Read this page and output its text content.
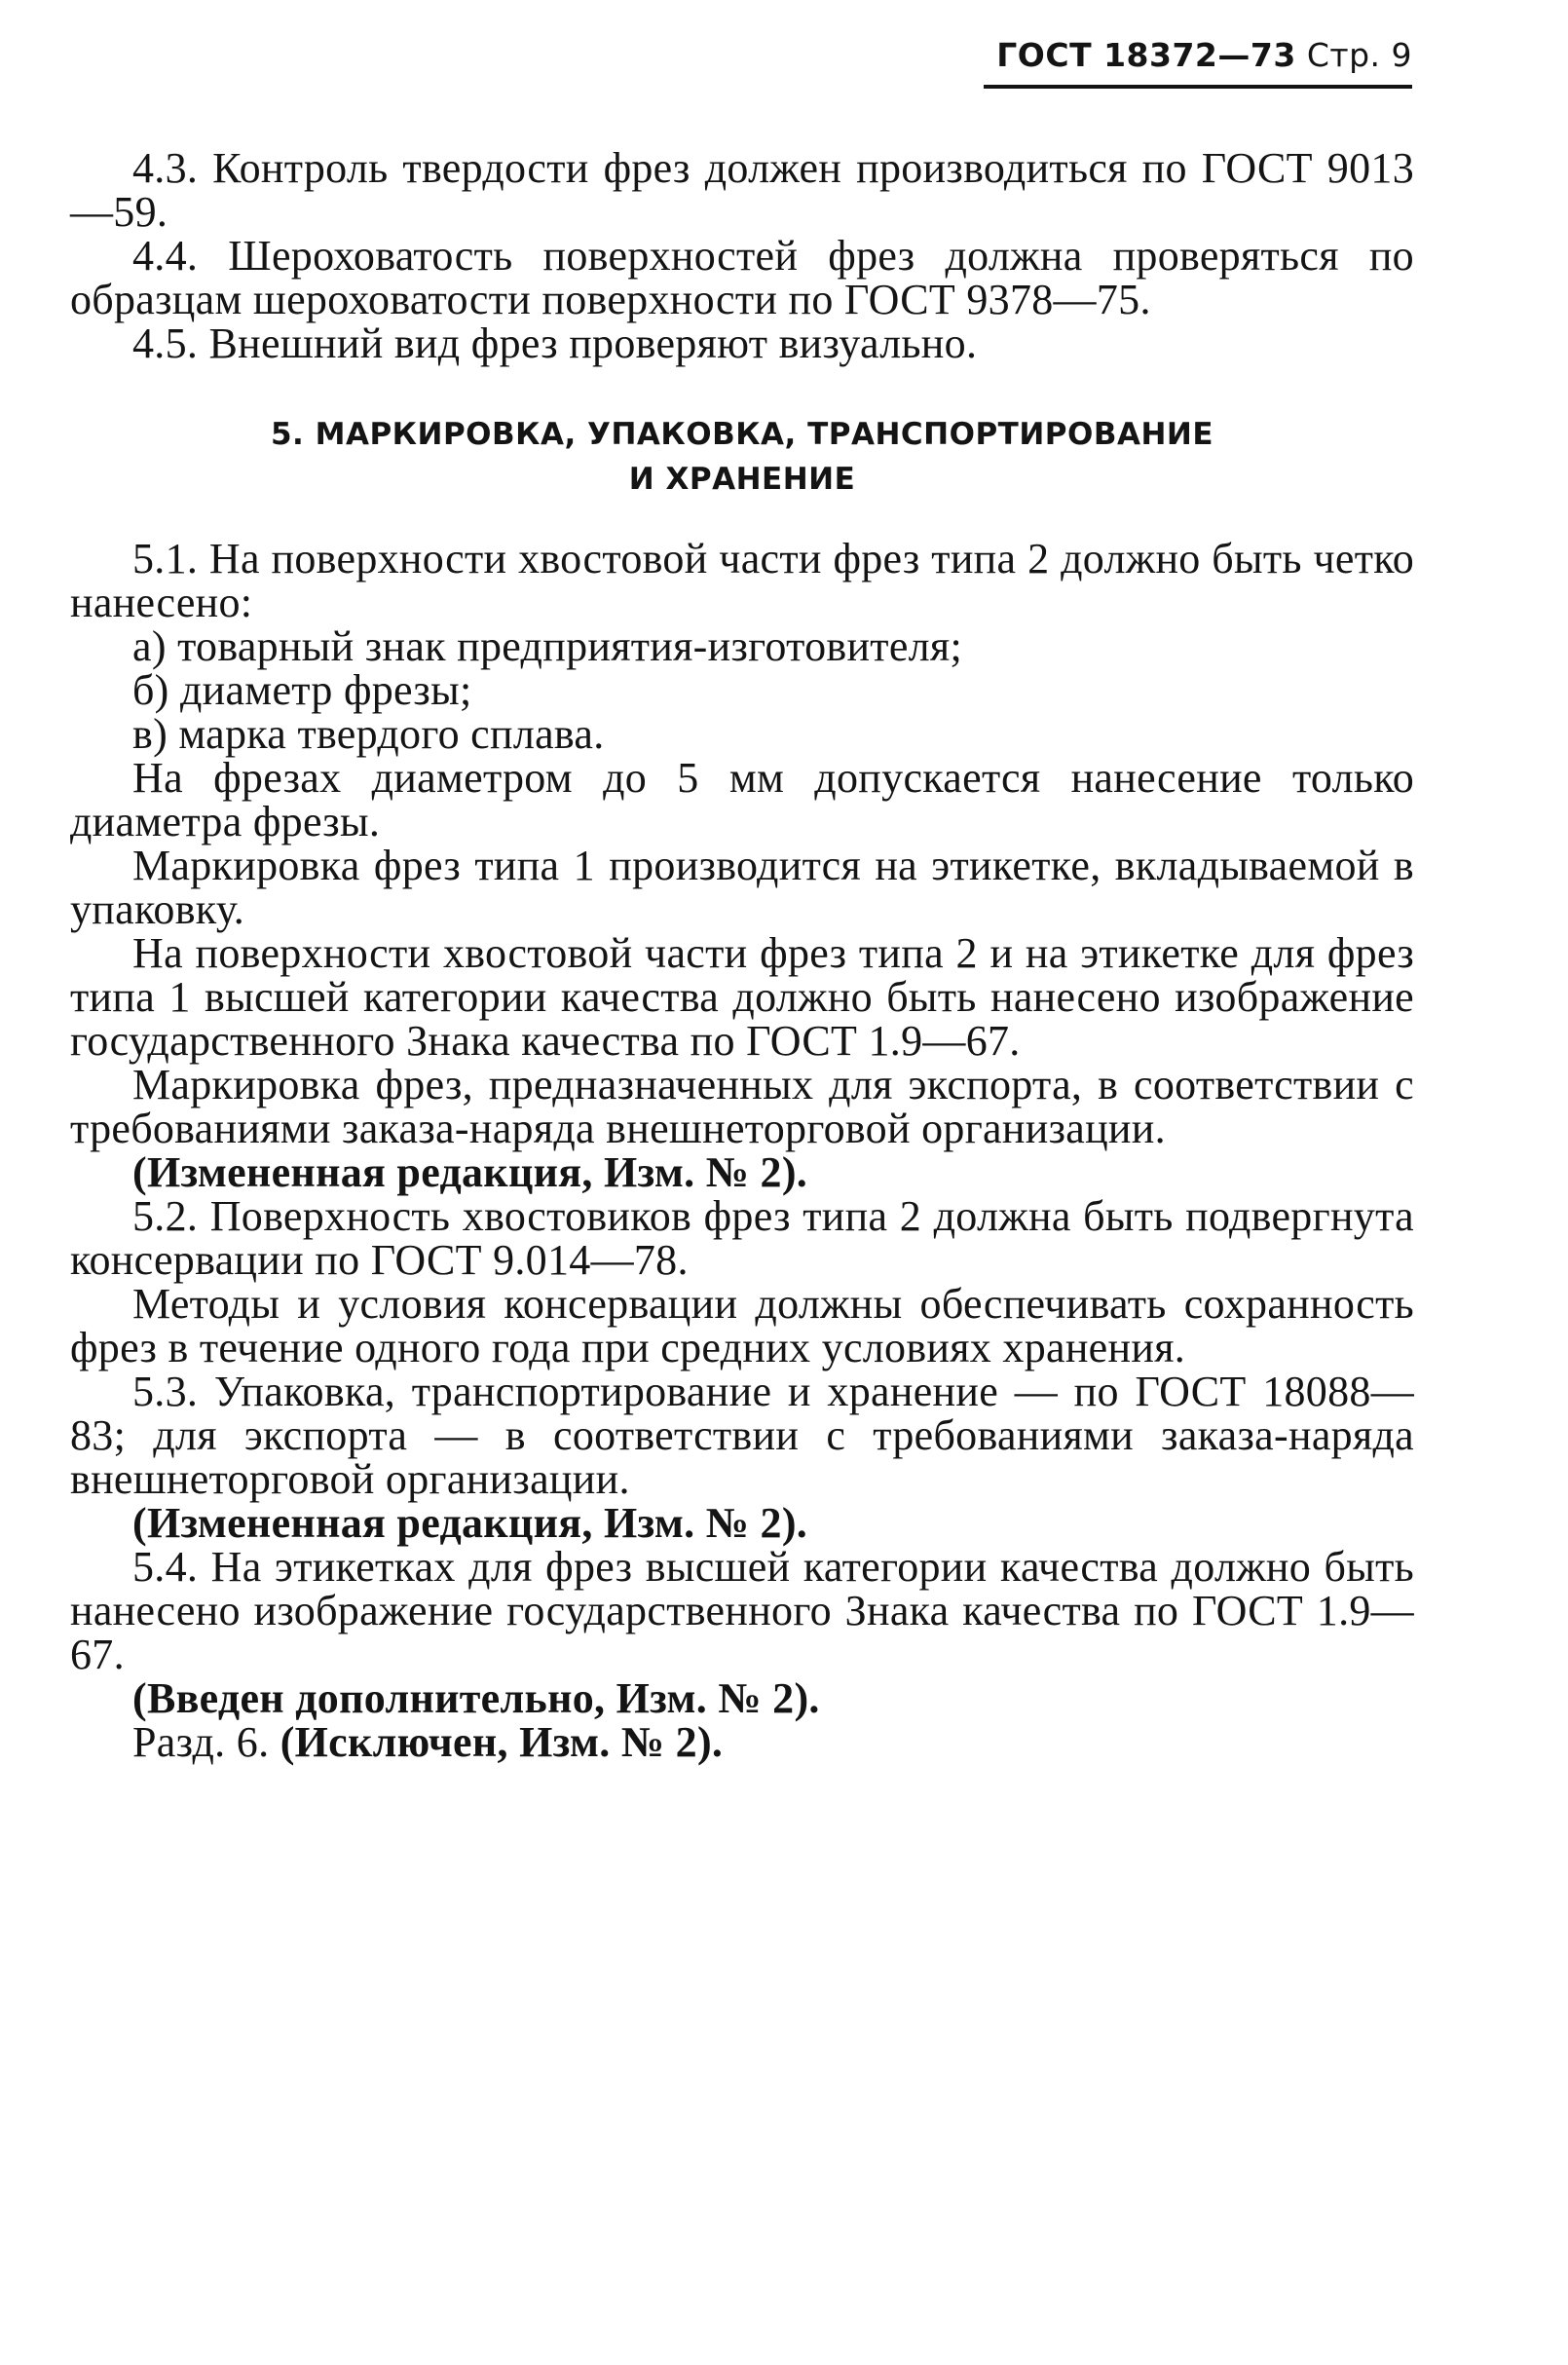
ГОСТ 18372—73 Стр. 9

4.3. Контроль твердости фрез должен производиться по ГОСТ 9013—59.

4.4. Шероховатость поверхностей фрез должна проверяться по образцам шероховатости поверхности по ГОСТ 9378—75.

4.5. Внешний вид фрез проверяют визуально.

5. МАРКИРОВКА, УПАКОВКА, ТРАНСПОРТИРОВАНИЕ
И ХРАНЕНИЕ

5.1. На поверхности хвостовой части фрез типа 2 должно быть четко нанесено:

а) товарный знак предприятия-изготовителя;

б) диаметр фрезы;

в) марка твердого сплава.

На фрезах диаметром до 5 мм допускается нанесение только диаметра фрезы.

Маркировка фрез типа 1 производится на этикетке, вкладываемой в упаковку.

На поверхности хвостовой части фрез типа 2 и на этикетке для фрез типа 1 высшей категории качества должно быть нанесено изображение государственного Знака качества по ГОСТ 1.9—67.

Маркировка фрез, предназначенных для экспорта, в соответствии с требованиями заказа-наряда внешнеторговой организации.

(Измененная редакция, Изм. № 2).

5.2. Поверхность хвостовиков фрез типа 2 должна быть подвергнута консервации по ГОСТ 9.014—78.

Методы и условия консервации должны обеспечивать сохранность фрез в течение одного года при средних условиях хранения.

5.3. Упаковка, транспортирование и хранение — по ГОСТ 18088—83; для экспорта — в соответствии с требованиями заказа-наряда внешнеторговой организации.

(Измененная редакция, Изм. № 2).

5.4. На этикетках для фрез высшей категории качества должно быть нанесено изображение государственного Знака качества по ГОСТ 1.9—67.

(Введен дополнительно, Изм. № 2).

Разд. 6. (Исключен, Изм. № 2).
